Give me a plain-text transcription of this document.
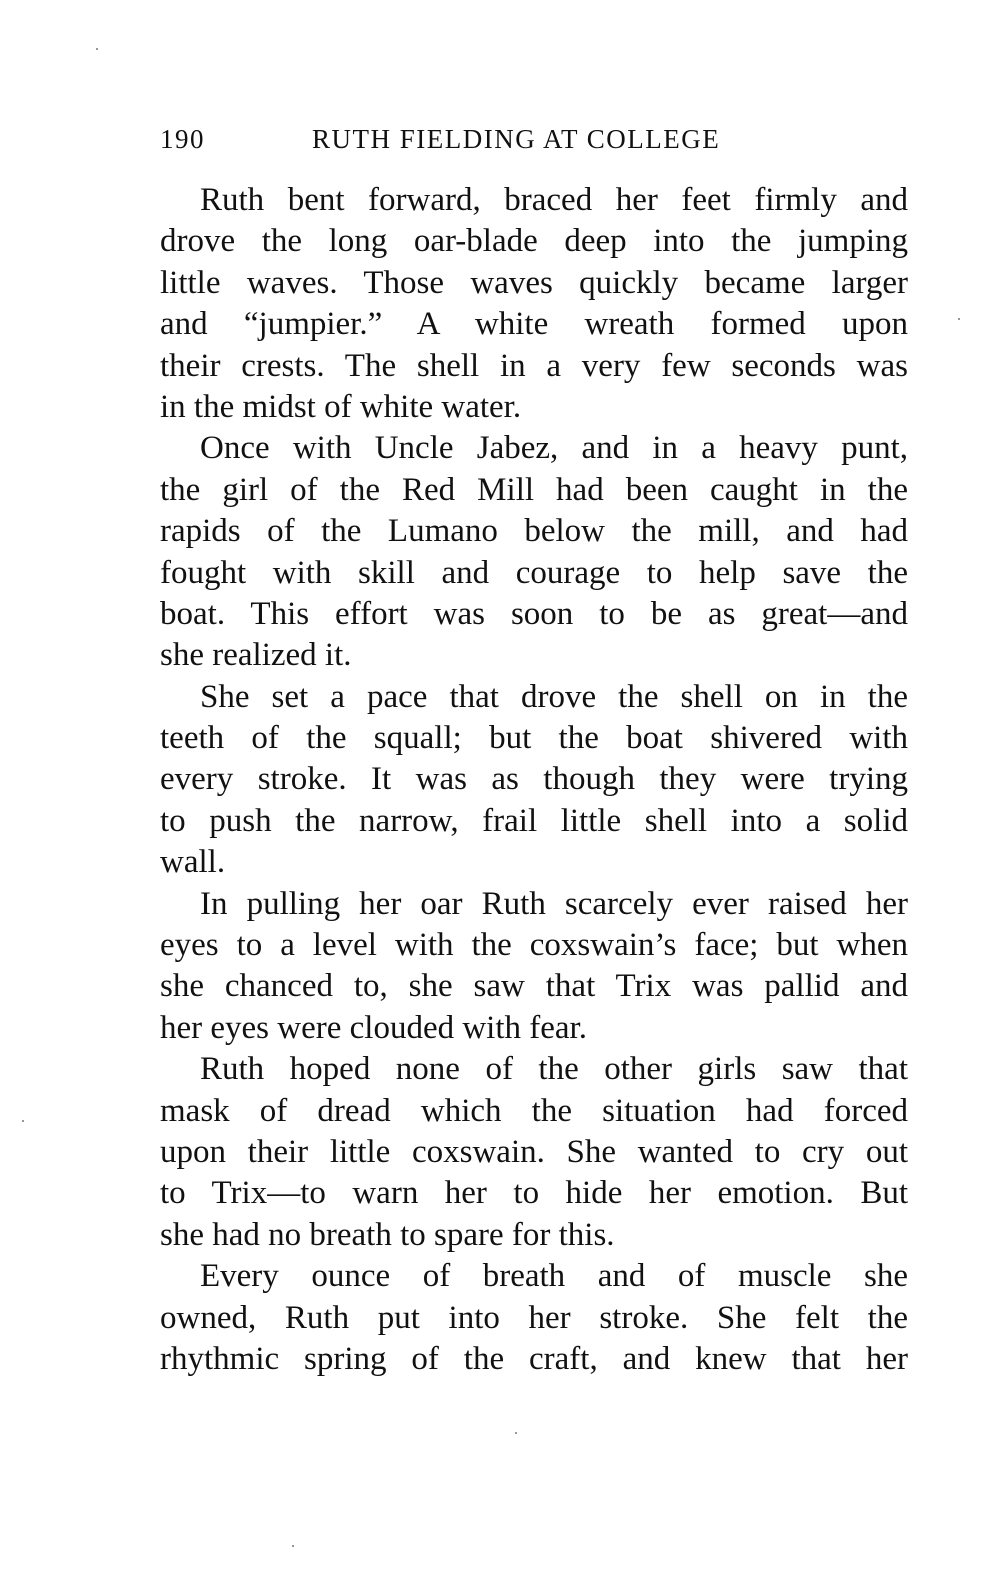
190	RUTH FIELDING AT COLLEGE
Ruth bent forward, braced her feet firmly and
drove the long oar-blade deep into the jumping
little waves. Those waves quickly became larger
and “jumpier.” A white wreath formed upon
their crests. The shell in a very few seconds was
in the midst of white water.
Once with Uncle Jabez, and in a heavy punt,
the girl of the Red Mill had been caught in the
rapids of the Lumano below the mill, and had
fought with skill and courage to help save the
boat. This effort was soon to be as great—and
she realized it.
She set a pace that drove the shell on in the
teeth of the squall; but the boat shivered with
every stroke. It was as though they were trying
to push the narrow, frail little shell into a solid
wall.
In pulling her oar Ruth scarcely ever raised her
eyes to a level with the coxswain’s face; but when
she chanced to, she saw that Trix was pallid and
her eyes were clouded with fear.
Ruth hoped none of the other girls saw that
mask of dread which the situation had forced
upon their little coxswain. She wanted to cry out
to Trix—to warn her to hide her emotion. But
she had no breath to spare for this.
Every ounce of breath and of muscle she
owned, Ruth put into her stroke. She felt the
rhythmic spring of the craft, and knew that her
